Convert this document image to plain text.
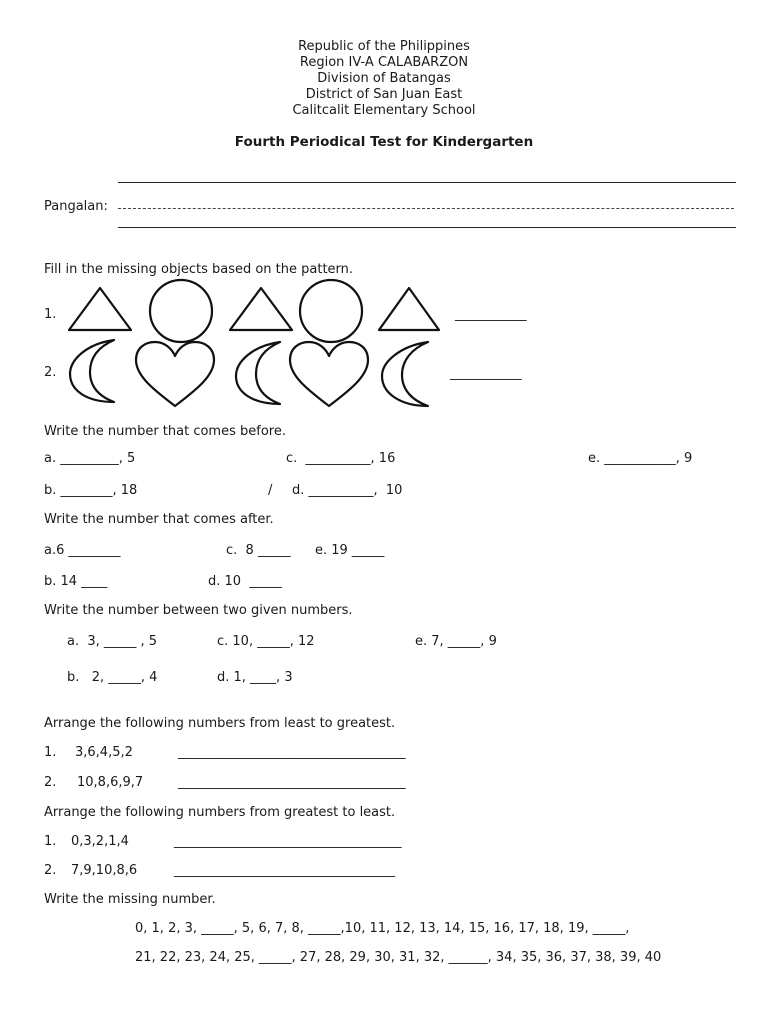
Republic of the Philippines
Region IV-A CALABARZON
Division of Batangas
District of San Juan East
Calitcalit Elementary School
Fourth Periodical Test for Kindergarten
Pangalan:
Fill in the missing objects based on the pattern.
1.	___________
2.	___________
Write the number that comes before.
a. _________, 5	c.  __________, 16	e. ___________, 9
b. ________, 18	/ d. __________,  10
Write the number that comes after.
a.6 ________	c.  8 _____ e. 19 _____
b. 14 ____	d. 10  _____
Write the number between two given numbers.
a.  3, _____ , 5	c. 10, _____, 12	e. 7, _____, 9
b.   2, _____, 4	d. 1, ____, 3
Arrange the following numbers from least to greatest.
1. 3,6,4,5,2	___________________________________
2. 10,8,6,9,7	___________________________________
Arrange the following numbers from greatest to least.
1. 0,3,2,1,4	___________________________________
2. 7,9,10,8,6	__________________________________
Write the missing number.
0, 1, 2, 3, _____, 5, 6, 7, 8, _____,10, 11, 12, 13, 14, 15, 16, 17, 18, 19, _____,
21, 22, 23, 24, 25, _____, 27, 28, 29, 30, 31, 32, ______, 34, 35, 36, 37, 38, 39, 40
